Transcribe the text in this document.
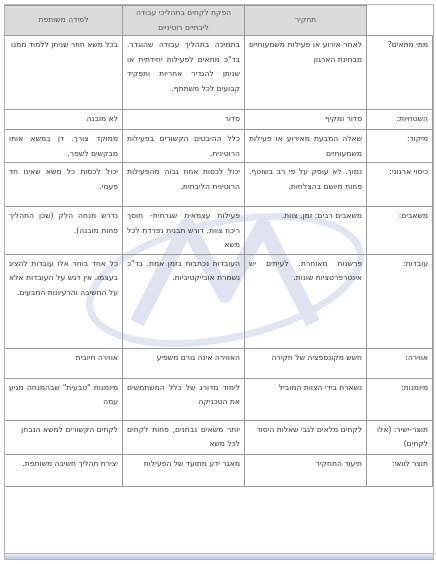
	תחקיר	הפקת לקחים בתהליכי עבודה ליבתיים רוטיניים	למידה משותפת
מתי מתאים?	לאחר אירוע או פעילות משמעותיים מבחינת הארגון	בתמיכה בתהליך עבודה שהוגדר. בד"כ מתאים לפעילות יחידתית או שניתן להגדיר אחריות ותפקיד קבועים לכל משתתף.	בכל משא חוזר שניתן ללמוד ממנו
השטחיות:	סדור ומקיף	סדור	לא מובנה
מיקוד:	שאלה המבעת מאירוע או פעילות משמעותיים	כלל ההיבטים הקשורים בפעילות הרוטינית.	ממוקד צורך. דן במשא אותו מבקשים לשפר.
כיסוי ארגוני:	נמוך. לא עוסק על פי רב בשוטף. פחות מיושם בהצלחות.	יכול לכסות אחוז גבוה מהפעילות הרוטינית הליבתית.	יכול לכסות כל משא שאינו חד פעמי.
משאבים:	משאבים רבים: זמן, צוות.	פעילות עצמאית שגרתית- חוסך ריכוז צוות. דורש תבנית נפרדת לכל משא	נדרש מנחה הלק (שכן התהליך פחות מובנה).
עובדות:	פרשנות מאוחרת. לעיתים יש אינטרפרטציות שונות.	העובדות נכתבות בזמן אמת. בד"כ נשמרת אובייקטיביות.	כל אחד בוחר אלו עובדות להציג בעצמו. אין דגש על העובדות אלא על החשיבה והרעיונות המבעים.
אווירה:	חשש מקונספציה של חקירה	האווירה אינה גורם משפיע	אווירה חיובית
מיומנות:	נשארת בידי הצוות המוביל	לימוד מדורג של כלל המשתמשים את הטכניקה	מיומנות "טבעית" שבהמנחה מגיע עמה
תוצר-ישיר: (אלו לקחים)	לקחים מלאים לגבי שאלות היסוד	יותר משאים נבחנים, פחות לקחים לכל משא	לקחים הקשורים למשא הנבחן
תוצר לוואי:	תיעוד התחקיר	מאגר ידע מתועד של הפעילות	יצירת תהליך חשיבה משותפת.
